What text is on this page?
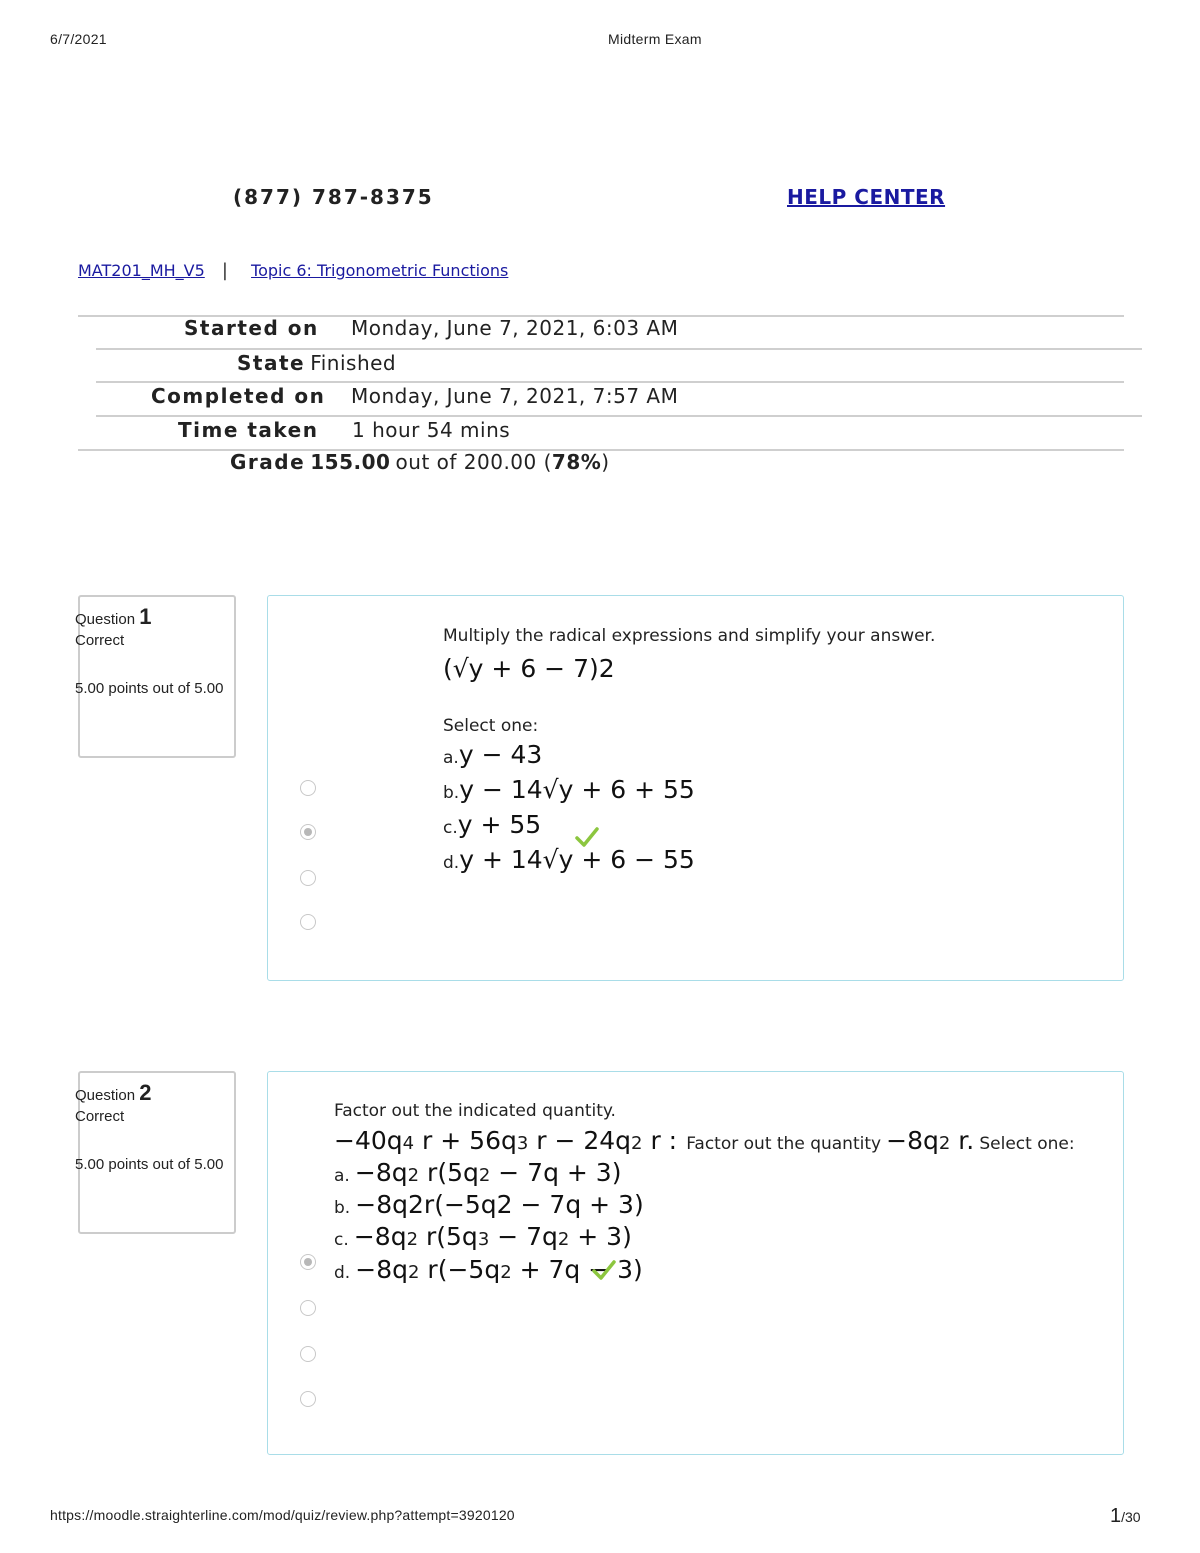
6/7/2021	Midterm Exam
(877) 787-8375	HELP CENTER
MAT201_MH_V5 | Topic 6: Trigonometric Functions
Started on Monday, June 7, 2021, 6:03 AM
State Finished
Completed on Monday, June 7, 2021, 7:57 AM
Time taken 1 hour 54 mins
Grade 155.00 out of 200.00 (78%)
Question 1
Correct
5.00 points out of 5.00
Multiply the radical expressions and simplify your answer.
(√y + 6 − 7)2
Select one:
a.y − 43
b.y − 14√y + 6 + 55
c.y + 55
d.y + 14√y + 6 − 55
Question 2
Correct
5.00 points out of 5.00
Factor out the indicated quantity.
−40q4 r + 56q3 r − 24q2 r : Factor out the quantity −8q2 r. Select one:
a. −8q2 r(5q2 − 7q + 3)
b. −8q2r(−5q2 − 7q + 3)
c. −8q2 r(5q3 − 7q2 + 3)
d. −8q2 r(−5q2 + 7q − 3)
https://moodle.straighterline.com/mod/quiz/review.php?attempt=3920120	1/30
